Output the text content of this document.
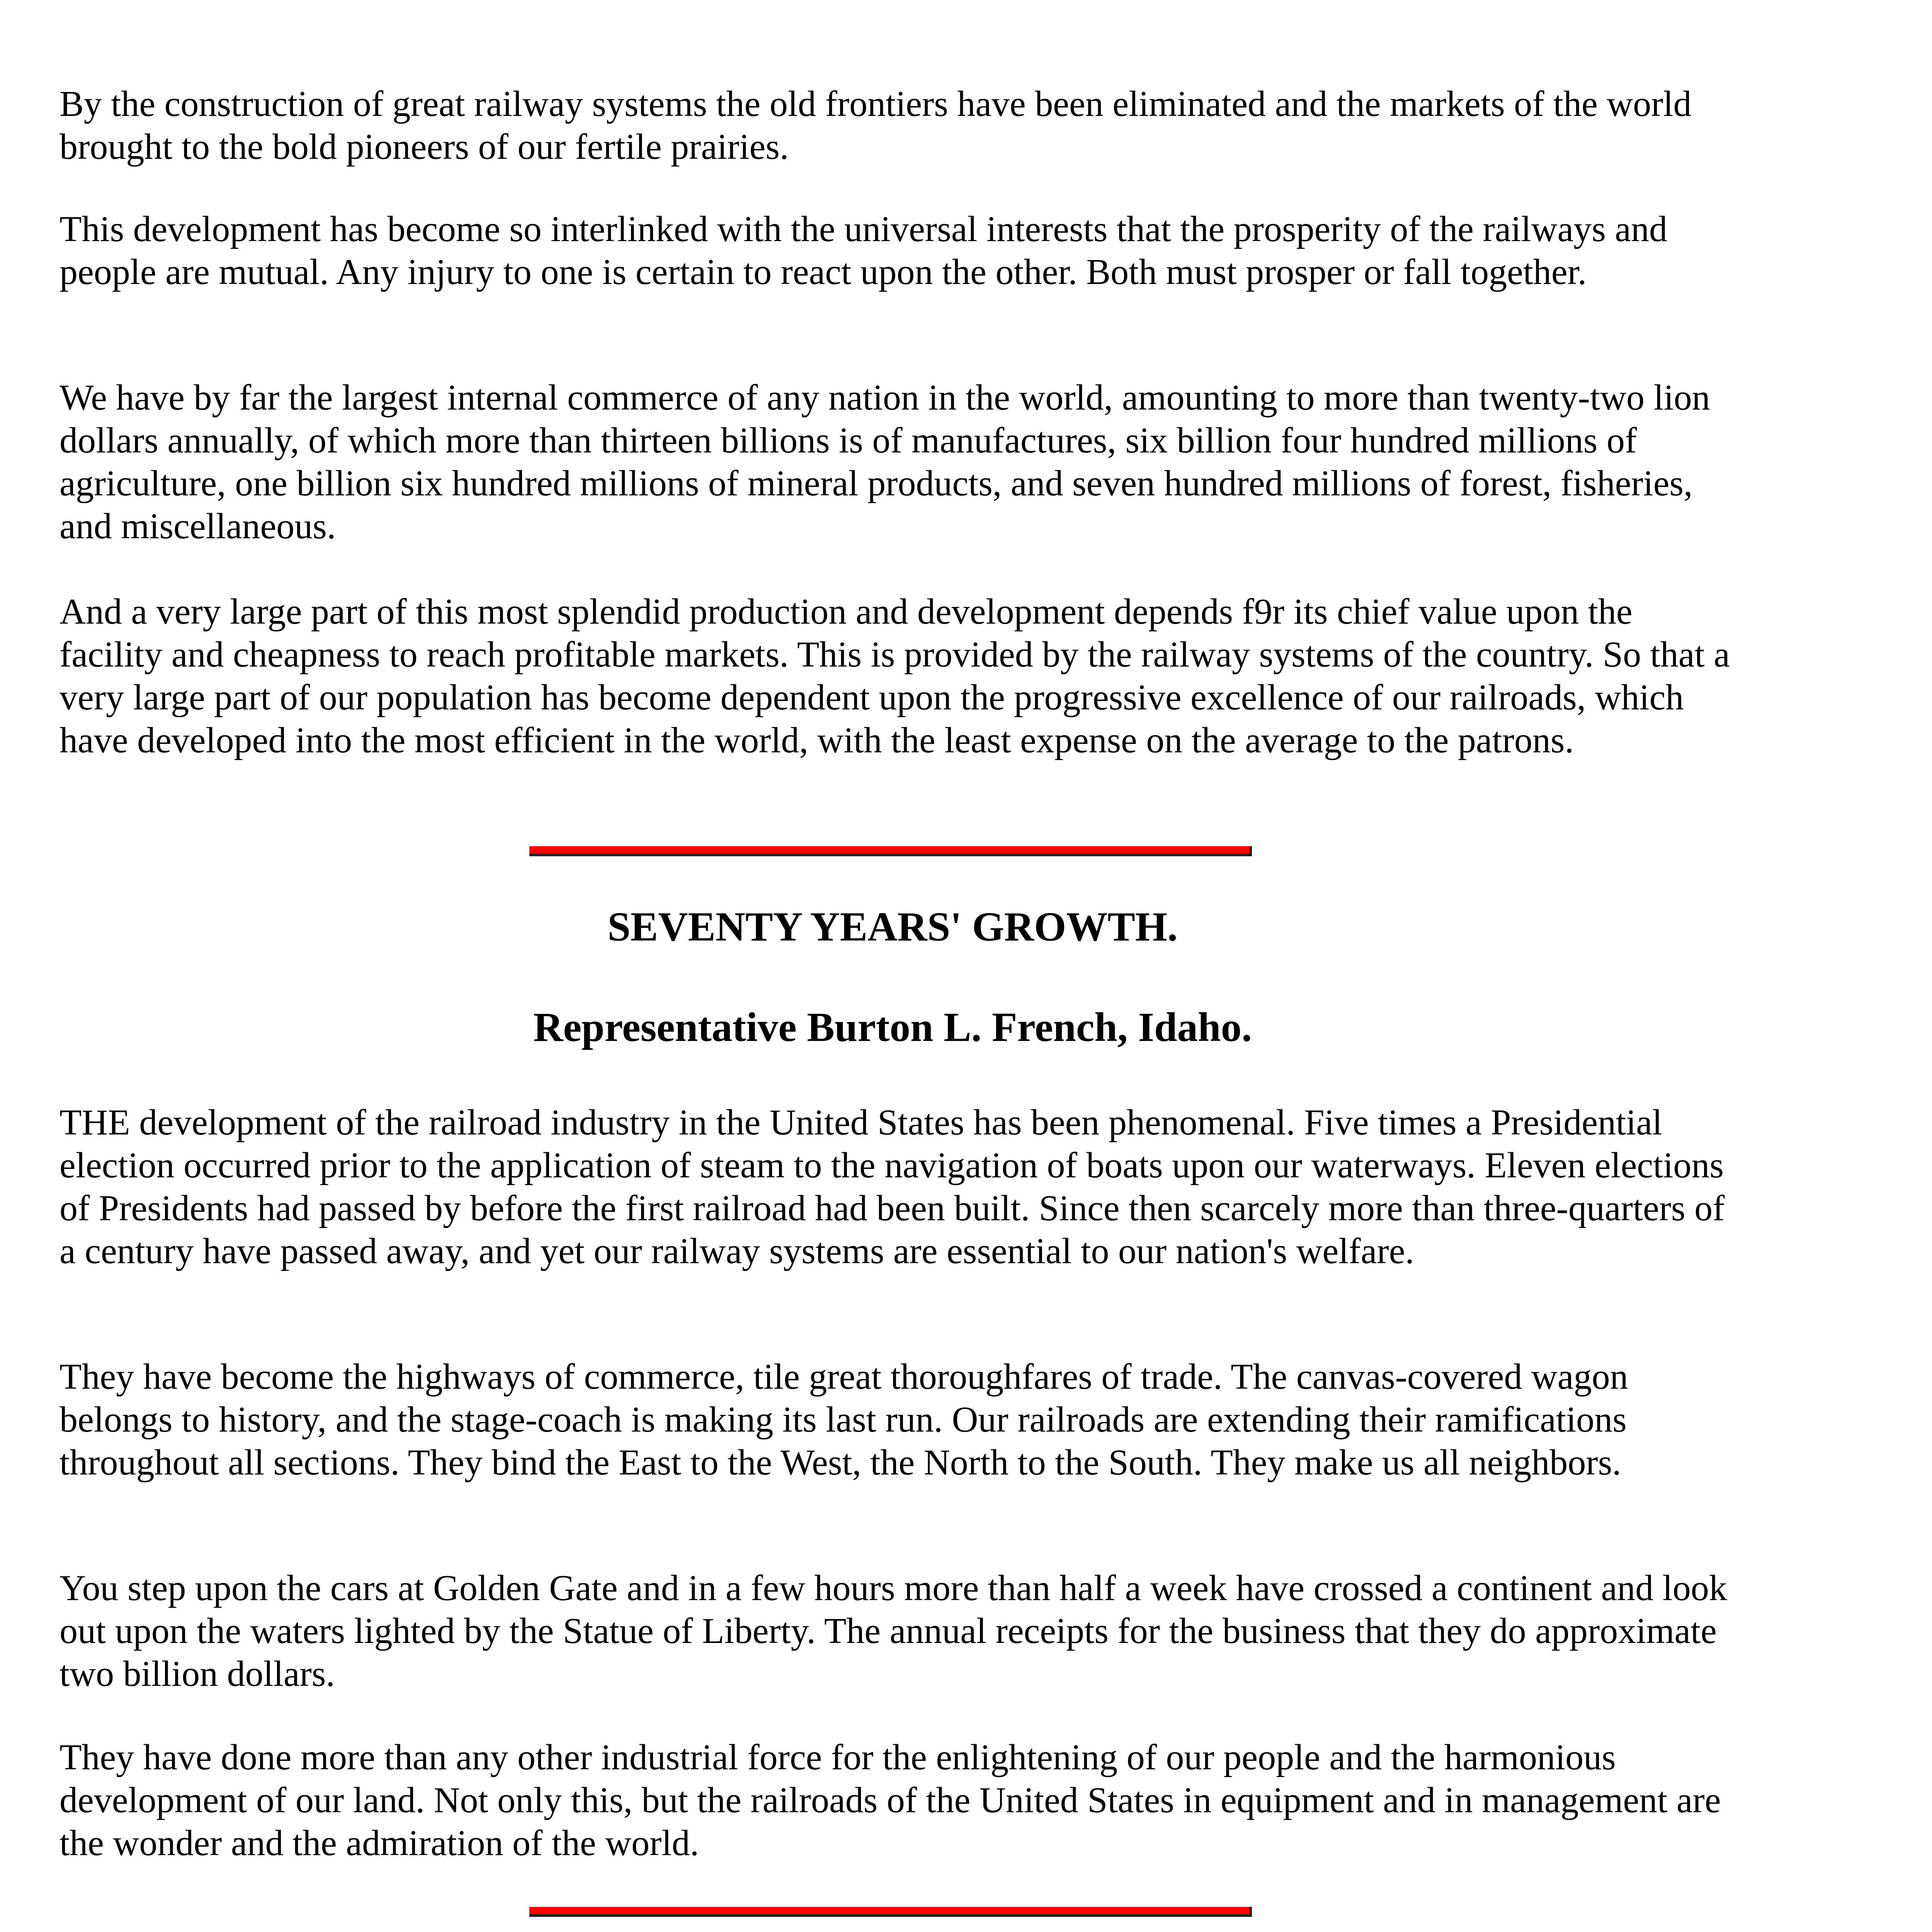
By the construction of great railway systems the old frontiers have been eliminated and the markets of the world brought to the bold pioneers of our fertile prairies.

This development has become so interlinked with the universal interests that the prosperity of the railways and people are mutual. Any injury to one is certain to react upon the other. Both must prosper or fall together.

We have by far the largest internal commerce of any nation in the world, amounting to more than twenty-two lion dollars annually, of which more than thirteen billions is of manufactures, six billion four hundred millions of agriculture, one billion six hundred millions of mineral products, and seven hundred millions of forest, fisheries, and miscellaneous.

And a very large part of this most splendid production and development depends f9r its chief value upon the facility and cheapness to reach profitable markets. This is provided by the railway systems of the country. So that a very large part of our population has become dependent upon the progressive excellence of our railroads, which have developed into the most efficient in the world, with the least expense on the average to the patrons.

SEVENTY YEARS' GROWTH.
Representative Burton L. French, Idaho.

THE development of the railroad industry in the United States has been phenomenal. Five times a Presidential election occurred prior to the application of steam to the navigation of boats upon our waterways. Eleven elections of Presidents had passed by before the first railroad had been built. Since then scarcely more than three-quarters of a century have passed away, and yet our railway systems are essential to our nation's welfare.

They have become the highways of commerce, tile great thoroughfares of trade. The canvas-covered wagon belongs to history, and the stage-coach is making its last run. Our railroads are extending their ramifications throughout all sections. They bind the East to the West, the North to the South. They make us all neighbors.

You step upon the cars at Golden Gate and in a few hours more than half a week have crossed a continent and look out upon the waters lighted by the Statue of Liberty. The annual receipts for the business that they do approximate two billion dollars.

They have done more than any other industrial force for the enlightening of our people and the harmonious development of our land. Not only this, but the railroads of the United States in equipment and in management are the wonder and the admiration of the world.
